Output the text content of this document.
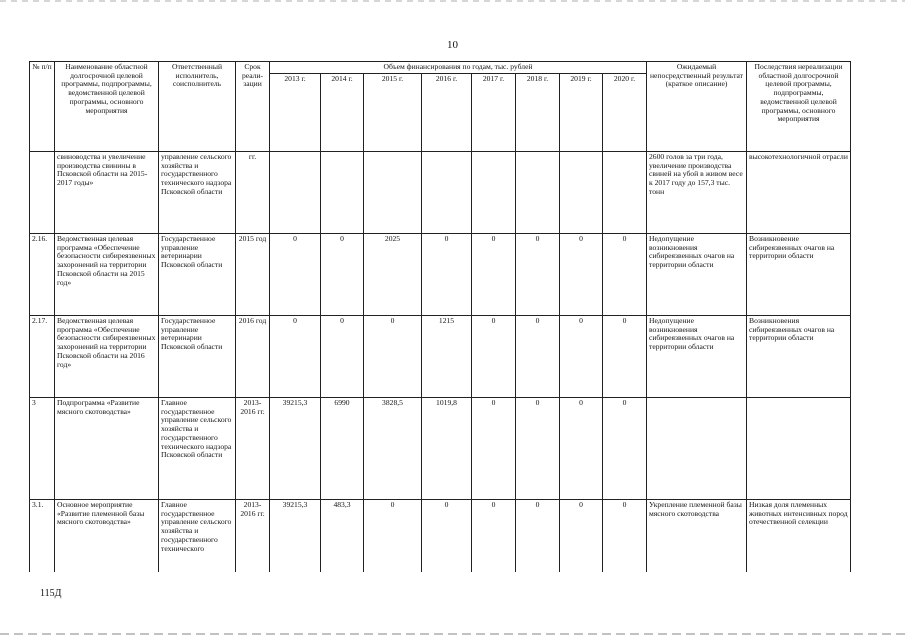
10
№ п/п	Наименование областной долгосрочной целевой программы, подпрограммы, ведомственной целевой программы, основного мероприятия	Ответственный исполнитель, соисполнитель	Срок реали-зации	Объем финансирования по годам, тыс. рублей								Ожидаемый непосредственный результат (краткое описание)	Последствия нереализации областной долгосрочной целевой программы, подпрограммы, ведомственной целевой программы, основного мероприятия
				2013 г.	2014 г.	2015 г.	2016 г.	2017 г.	2018 г.	2019 г.	2020 г.		
	свиноводства и увеличение производства свинины в Псковской области на 2015-2017 годы»	управление сельского хозяйства и государственного технического надзора Псковской области	гг.									2600 голов за три года, увеличение производства свиней на убой в живом весе к 2017 году до 157,3 тыс. тонн	высокотехнологичной отрасли
2.16.	Ведомственная целевая программа «Обеспечение безопасности сибиреязвенных захоронений на территории Псковской области на 2015 год»	Государственное управление ветеринарии Псковской области	2015 год	0	0	2025	0	0	0	0	0	Недопущение возникновения сибиреязвенных очагов на территории области	Возникновение сибиреязвенных очагов на территории области
2.17.	Ведомственная целевая программа «Обеспечение безопасности сибиреязвенных захоронений на территории Псковской области на 2016 год»	Государственное управление ветеринарии Псковской области	2016 год	0	0	0	1215	0	0	0	0	Недопущение возникновения сибиреязвенных очагов на территории области	Возникновения сибиреязвенных очагов на территории области
3	Подпрограмма «Развитие мясного скотоводства»	Главное государственное управление сельского хозяйства и государственного технического надзора Псковской области	2013-2016 гг.	39215,3	6990	3828,5	1019,8	0	0	0	0		
3.1.	Основное мероприятие «Развитие племенной базы мясного скотоводства»	Главное государственное управление сельского хозяйства и государственного технического	2013-2016 гг.	39215,3	483,3	0	0	0	0	0	0	Укрепление племенной базы мясного скотоводства	Низкая доля племенных животных интенсивных пород отечественной селекции
115Д
